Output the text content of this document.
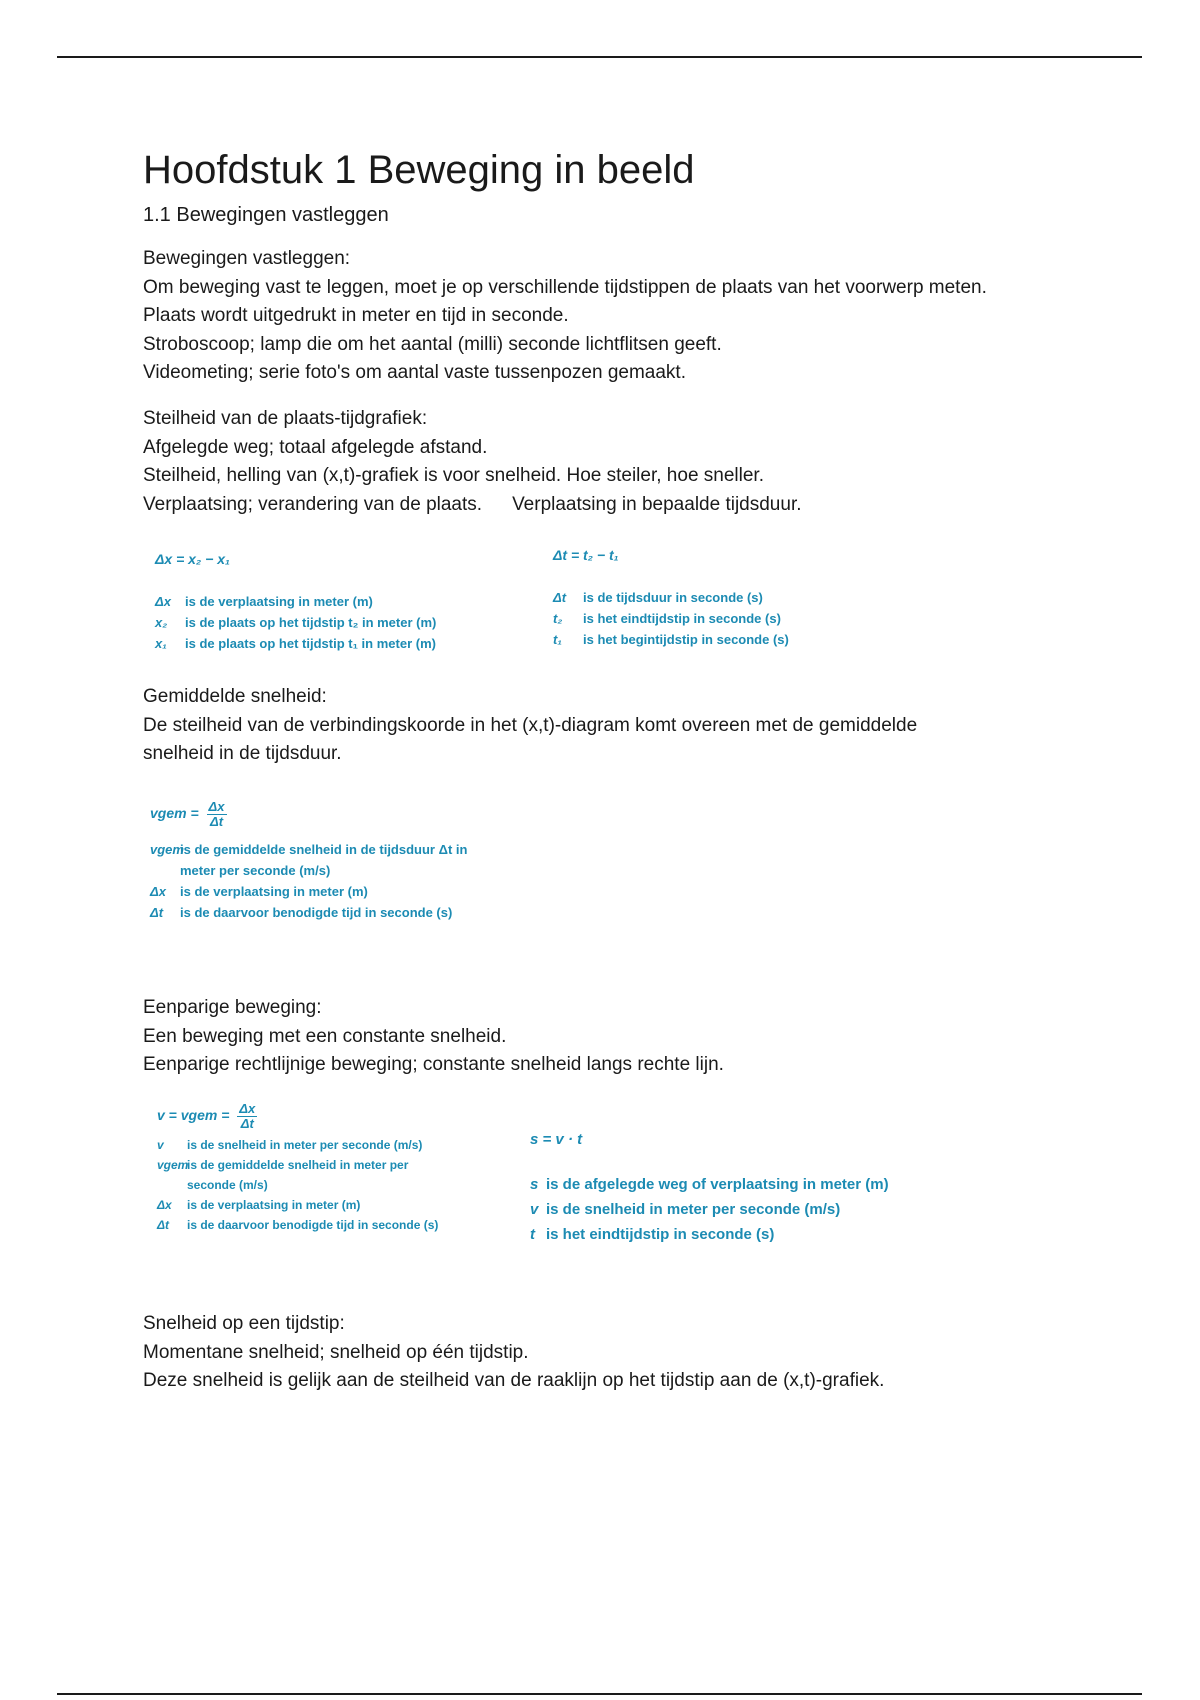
Hoofdstuk 1 Beweging in beeld
1.1 Bewegingen vastleggen

Bewegingen vastleggen:

Om beweging vast te leggen, moet je op verschillende tijdstippen de plaats van het voorwerp meten.

Plaats wordt uitgedrukt in meter en tijd in seconde.

Stroboscoop; lamp die om het aantal (milli) seconde lichtflitsen geeft.

Videometing; serie foto's om aantal vaste tussenpozen gemaakt.

Steilheid van de plaats-tijdgrafiek:

Afgelegde weg; totaal afgelegde afstand.

Steilheid, helling van (x,t)-grafiek is voor snelheid. Hoe steiler, hoe sneller.

Verplaatsing; verandering van de plaats. Verplaatsing in bepaalde tijdsduur.

Gemiddelde snelheid:

De steilheid van de verbindingskoorde in het (x,t)-diagram komt overeen met de gemiddelde

snelheid in de tijdsduur.

Eenparige beweging:

Een beweging met een constante snelheid.

Eenparige rechtlijnige beweging; constante snelheid langs rechte lijn.

Snelheid op een tijdstip:

Momentane snelheid; snelheid op één tijdstip.

Deze snelheid is gelijk aan de steilheid van de raaklijn op het tijdstip aan de (x,t)-grafiek.

Δx = x₂ − x₁
Δx	is de verplaatsing in meter (m)
x₂	is de plaats op het tijdstip t₂ in meter (m)
x₁	is de plaats op het tijdstip t₁ in meter (m)
Δt = t₂ − t₁
Δt	is de tijdsduur in seconde (s)
t₂	is het eindtijdstip in seconde (s)
t₁	is het begintijdstip in seconde (s)
vgem = $\frac{\Delta x}{\Delta t}$
vgem
is de gemiddelde snelheid in de tijdsduur Δt in
meter per seconde (m/s)
Δx	is de verplaatsing in meter (m)
Δt	is de daarvoor benodigde tijd in seconde (s)
v = vgem = $\frac{\Delta x}{\Delta t}$
v	is de snelheid in meter per seconde (m/s)
vgem
is de gemiddelde snelheid in meter per
seconde (m/s)
Δx	is de verplaatsing in meter (m)
Δt	is de daarvoor benodigde tijd in seconde (s)
s = v · t
s is de afgelegde weg of verplaatsing in meter (m)
v is de snelheid in meter per seconde (m/s)
t is het eindtijdstip in seconde (s)
